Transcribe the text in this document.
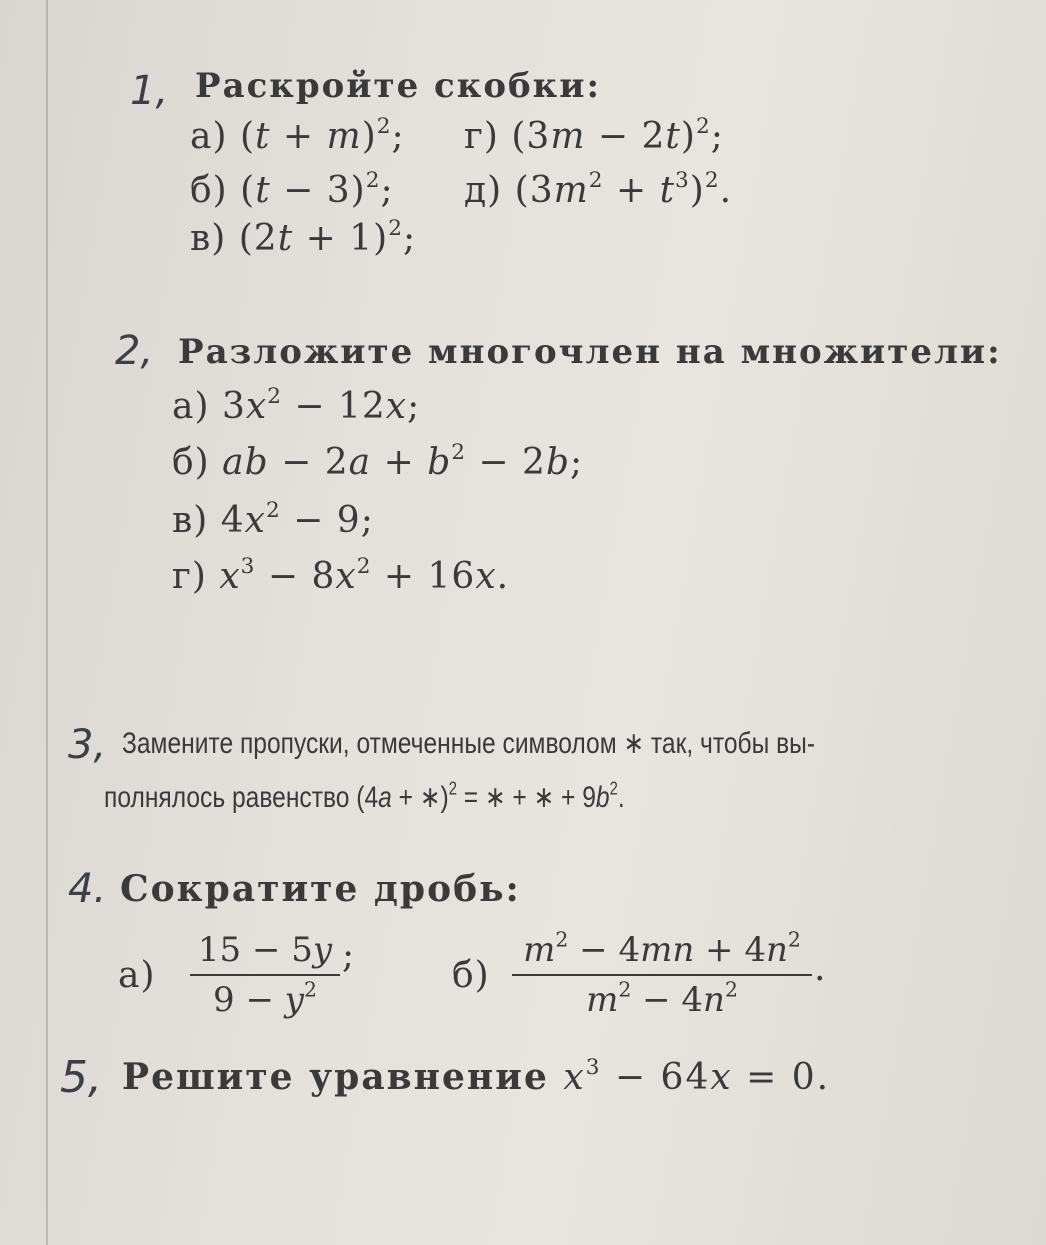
1, Раскройте скобки:
а) $(t + m)^2$; г) $(3m - 2t)^2$;
б) $(t - 3)^2$; д) $(3m^2 + t^3)^2$.
в) $(2t + 1)^2$;
2, Разложите многочлен на множители:
а) $3x^2 - 12x$;
б) ab − $2a + b^2 - 2b$;
в) $4x^2 - 9$;
г) $x^3 - 8x^2 + 16x$.
3, Замените пропуски, отмеченные символом ∗ так, чтобы вы-
полнялось равенство (4a + ∗)$^2$ = ∗ + ∗ + $9b^2$.
4. Сократите дробь:
а)
15 − 5y
$9 - y^2$
;	б)
$m^2 - 4mn + 4n^2$
$m^2 - 4n^2$
.
5, Решите уравнение $x^3 - 64x = 0$.
